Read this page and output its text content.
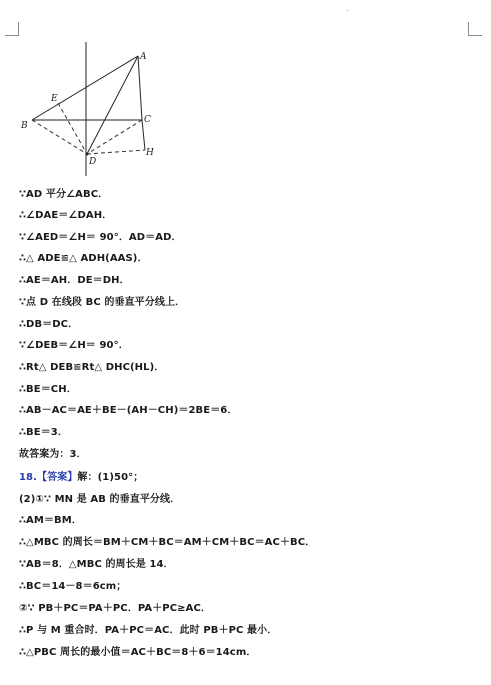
A
E
B
C
D
H
∵AD 平分∠ABC．
∴∠DAE＝∠DAH．
∵∠AED＝∠H＝ 90°．AD＝AD．
∴△ ADE≌△ ADH(AAS)．
∴AE＝AH．DE＝DH．
∵点 D 在线段 BC 的垂直平分线上．
∴DB＝DC．
∵∠DEB＝∠H＝ 90°．
∴Rt△ DEB≌Rt△ DHC(HL)．
∴BE＝CH．
∴AB－AC＝AE＋BE－(AH－CH)＝2BE＝6．
∴BE＝3．
故答案为：3．
18.【答案】解：(1)50°；
(2)①∵ MN 是 AB 的垂直平分线．
∴AM＝BM．
∴△MBC 的周长＝BM＋CM＋BC＝AM＋CM＋BC＝AC＋BC．
∵AB＝8．△MBC 的周长是 14．
∴BC＝14－8＝6cm；
②∵ PB＋PC＝PA＋PC．PA＋PC≥AC．
∴P 与 M 重合时．PA＋PC＝AC．此时 PB＋PC 最小．
∴△PBC 周长的最小值＝AC＋BC＝8＋6＝14cm．
